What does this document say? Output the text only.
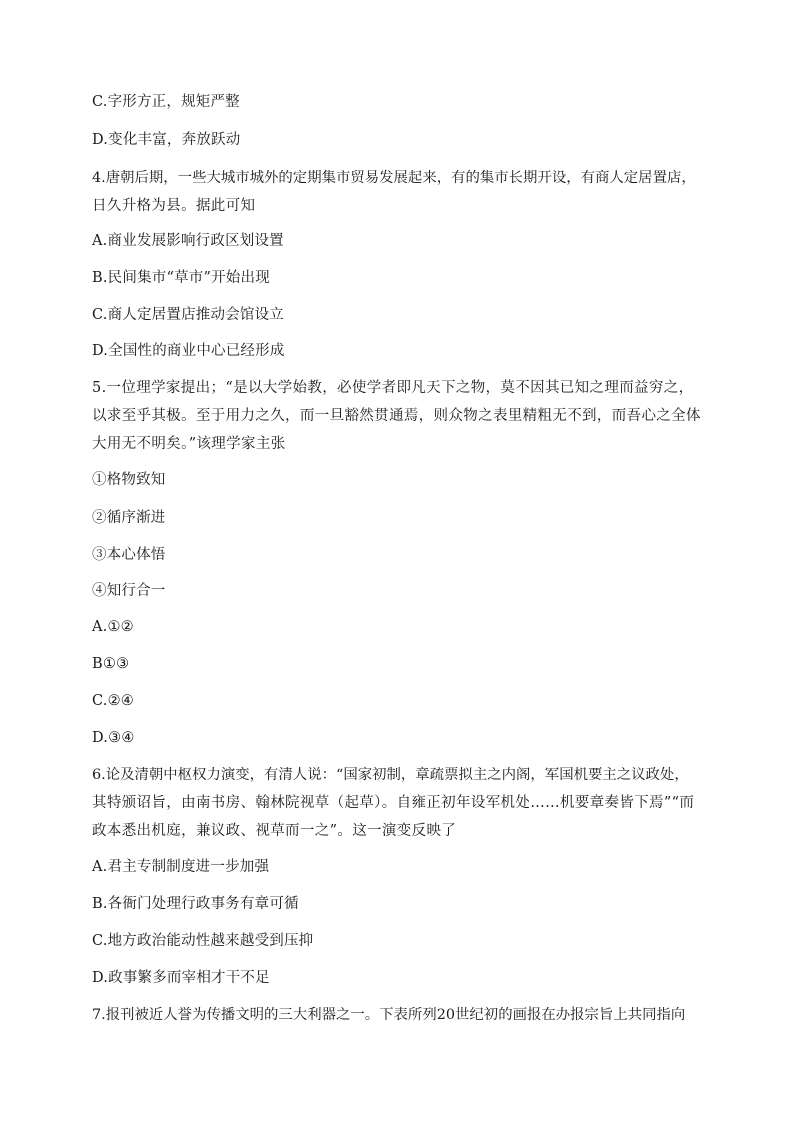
C.字形方正，规矩严整
D.变化丰富，奔放跃动
4.唐朝后期，一些大城市城外的定期集市贸易发展起来，有的集市长期开设，有商人定居置店，
日久升格为县。据此可知
A.商业发展影响行政区划设置
B.民间集市“草市”开始出现
C.商人定居置店推动会馆设立
D.全国性的商业中心已经形成
5.一位理学家提出；“是以大学始教，必使学者即凡天下之物，莫不因其已知之理而益穷之，
以求至乎其极。至于用力之久，而一旦豁然贯通焉，则众物之表里精粗无不到，而吾心之全体
大用无不明矣。”该理学家主张
①格物致知
②循序渐进
③本心体悟
④知行合一
A.①②
B①③
C.②④
D.③④
6.论及清朝中枢权力演变，有清人说：“国家初制，章疏票拟主之内阁，军国机要主之议政处，
其特颁诏旨，由南书房、翰林院视草（起草）。自雍正初年设军机处……机要章奏皆下焉”“而
政本悉出机庭，兼议政、视草而一之”。这一演变反映了
A.君主专制制度进一步加强
B.各衙门处理行政事务有章可循
C.地方政治能动性越来越受到压抑
D.政事繁多而宰相才干不足
7.报刊被近人誉为传播文明的三大利器之一。下表所列20世纪初的画报在办报宗旨上共同指向
